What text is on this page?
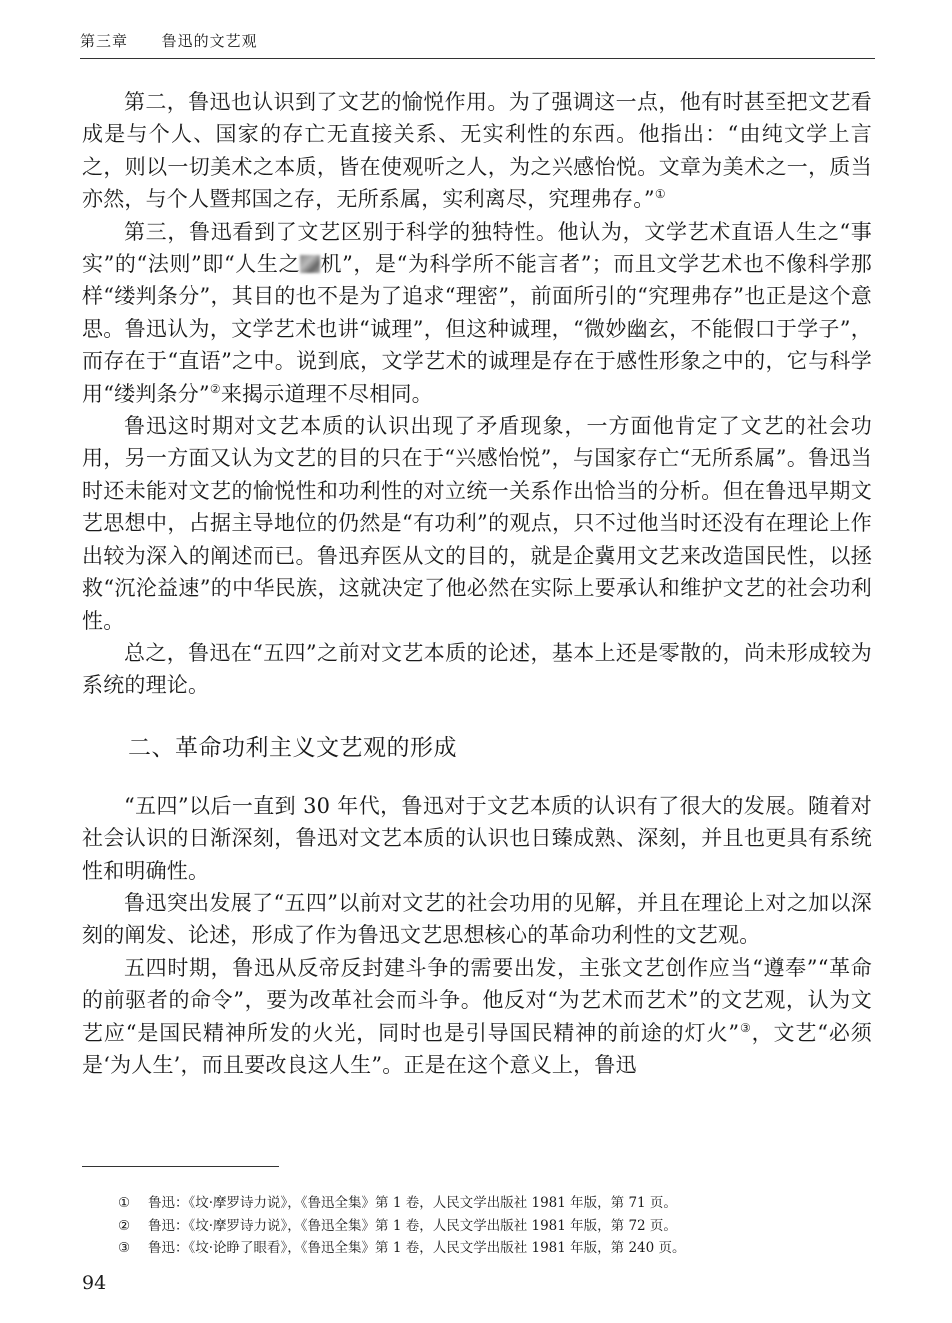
第三章 鲁迅的文艺观

第二，鲁迅也认识到了文艺的愉悦作用。为了强调这一点，他有时甚至把文艺看成是与个人、国家的存亡无直接关系、无实利性的东西。他指出：“由纯文学上言之，则以一切美术之本质，皆在使观听之人，为之兴感怡悦。文章为美术之一，质当亦然，与个人暨邦国之存，无所系属，实利离尽，究理弗存。”①

第三，鲁迅看到了文艺区别于科学的独特性。他认为，文学艺术直语人生之“事实”的“法则”即“人生之 机”，是“为科学所不能言者”；而且文学艺术也不像科学那样“缕判条分”，其目的也不是为了追求“理密”，前面所引的“究理弗存”也正是这个意思。鲁迅认为，文学艺术也讲“诚理”，但这种诚理，“微妙幽玄，不能假口于学子”，而存在于“直语”之中。说到底，文学艺术的诚理是存在于感性形象之中的，它与科学用“缕判条分”②来揭示道理不尽相同。

鲁迅这时期对文艺本质的认识出现了矛盾现象，一方面他肯定了文艺的社会功用，另一方面又认为文艺的目的只在于“兴感怡悦”，与国家存亡“无所系属”。鲁迅当时还未能对文艺的愉悦性和功利性的对立统一关系作出恰当的分析。但在鲁迅早期文艺思想中，占据主导地位的仍然是“有功利”的观点，只不过他当时还没有在理论上作出较为深入的阐述而已。鲁迅弃医从文的目的，就是企冀用文艺来改造国民性，以拯救“沉沦益速”的中华民族，这就决定了他必然在实际上要承认和维护文艺的社会功利性。

总之，鲁迅在“五四”之前对文艺本质的论述，基本上还是零散的，尚未形成较为系统的理论。

二、革命功利主义文艺观的形成

“五四”以后一直到 30 年代，鲁迅对于文艺本质的认识有了很大的发展。随着对社会认识的日渐深刻，鲁迅对文艺本质的认识也日臻成熟、深刻，并且也更具有系统性和明确性。

鲁迅突出发展了“五四”以前对文艺的社会功用的见解，并且在理论上对之加以深刻的阐发、论述，形成了作为鲁迅文艺思想核心的革命功利性的文艺观。

五四时期，鲁迅从反帝反封建斗争的需要出发，主张文艺创作应当“遵奉”“革命的前驱者的命令”，要为改革社会而斗争。他反对“为艺术而艺术”的文艺观，认为文艺应“是国民精神所发的火光，同时也是引导国民精神的前途的灯火”③，文艺“必须是‘为人生’，而且要改良这人生”。正是在这个意义上，鲁迅

①	鲁迅：《坟·摩罗诗力说》，《鲁迅全集》第 1 卷，人民文学出版社 1981 年版，第 71 页。

②	鲁迅：《坟·摩罗诗力说》，《鲁迅全集》第 1 卷，人民文学出版社 1981 年版，第 72 页。

③	鲁迅：《坟·论睁了眼看》，《鲁迅全集》第 1 卷，人民文学出版社 1981 年版，第 240 页。

94
